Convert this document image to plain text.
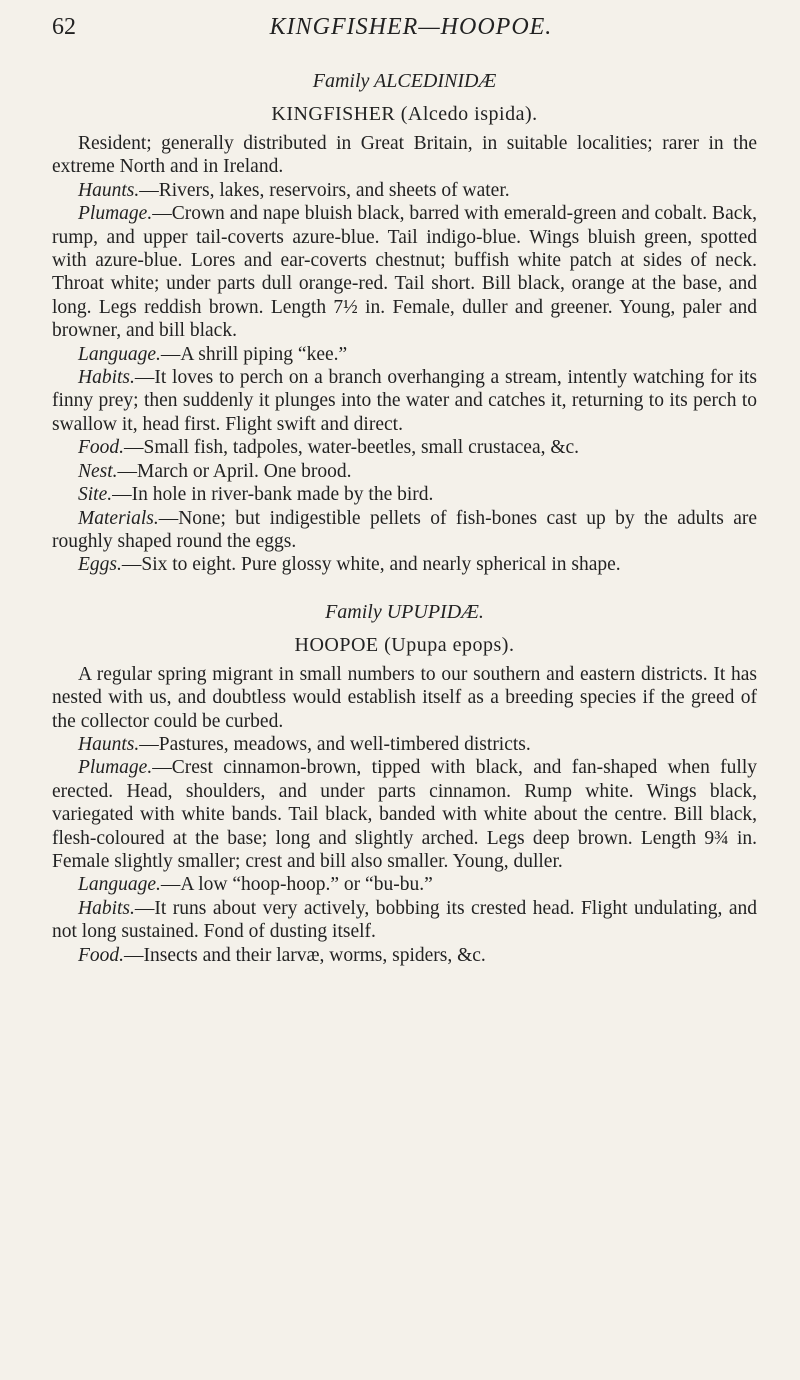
62	KINGFISHER—HOOPOE.

Family ALCEDINIDÆ

KINGFISHER (Alcedo ispida).

Resident; generally distributed in Great Britain, in suitable localities; rarer in the extreme North and in Ireland.

Haunts.—Rivers, lakes, reservoirs, and sheets of water.

Plumage.—Crown and nape bluish black, barred with emerald-green and cobalt. Back, rump, and upper tail-coverts azure-blue. Tail indigo-blue. Wings bluish green, spotted with azure-blue. Lores and ear-coverts chestnut; buffish white patch at sides of neck. Throat white; under parts dull orange-red. Tail short. Bill black, orange at the base, and long. Legs reddish brown. Length 7½ in. Female, duller and greener. Young, paler and browner, and bill black.

Language.—A shrill piping “kee.”

Habits.—It loves to perch on a branch overhanging a stream, intently watching for its finny prey; then suddenly it plunges into the water and catches it, returning to its perch to swallow it, head first. Flight swift and direct.

Food.—Small fish, tadpoles, water-beetles, small crustacea, &c.

Nest.—March or April. One brood.

Site.—In hole in river-bank made by the bird.

Materials.—None; but indigestible pellets of fish-bones cast up by the adults are roughly shaped round the eggs.

Eggs.—Six to eight. Pure glossy white, and nearly spherical in shape.

Family UPUPIDÆ.

HOOPOE (Upupa epops).

A regular spring migrant in small numbers to our southern and eastern districts. It has nested with us, and doubtless would establish itself as a breeding species if the greed of the collector could be curbed.

Haunts.—Pastures, meadows, and well-timbered districts.

Plumage.—Crest cinnamon-brown, tipped with black, and fan-shaped when fully erected. Head, shoulders, and under parts cinnamon. Rump white. Wings black, variegated with white bands. Tail black, banded with white about the centre. Bill black, flesh-coloured at the base; long and slightly arched. Legs deep brown. Length 9¾ in. Female slightly smaller; crest and bill also smaller. Young, duller.

Language.—A low “hoop-hoop.” or “bu-bu.”

Habits.—It runs about very actively, bobbing its crested head. Flight undulating, and not long sustained. Fond of dusting itself.

Food.—Insects and their larvæ, worms, spiders, &c.
